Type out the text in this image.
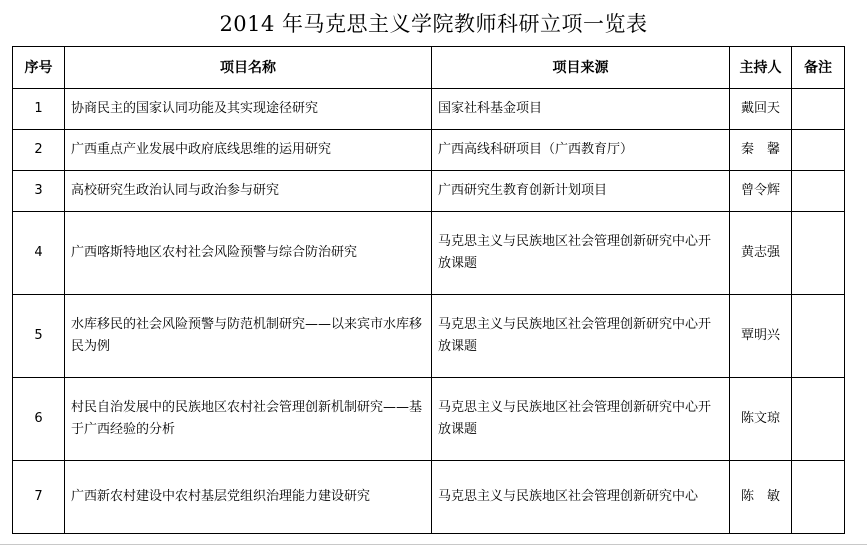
2014 年马克思主义学院教师科研立项一览表
序号	项目名称	项目来源	主持人	备注
1	协商民主的国家认同功能及其实现途径研究	国家社科基金项目	戴回天	
2	广西重点产业发展中政府底线思维的运用研究	广西高线科研项目（广西教育厅）	秦　馨	
3	高校研究生政治认同与政治参与研究	广西研究生教育创新计划项目	曾令辉	
4	广西喀斯特地区农村社会风险预警与综合防治研究	马克思主义与民族地区社会管理创新研究中心开放课题	黄志强	
5	水库移民的社会风险预警与防范机制研究——以来宾市水库移民为例	马克思主义与民族地区社会管理创新研究中心开放课题	覃明兴	
6	村民自治发展中的民族地区农村社会管理创新机制研究——基于广西经验的分析	马克思主义与民族地区社会管理创新研究中心开放课题	陈文琼	
7	广西新农村建设中农村基层党组织治理能力建设研究	马克思主义与民族地区社会管理创新研究中心	陈　敏	
